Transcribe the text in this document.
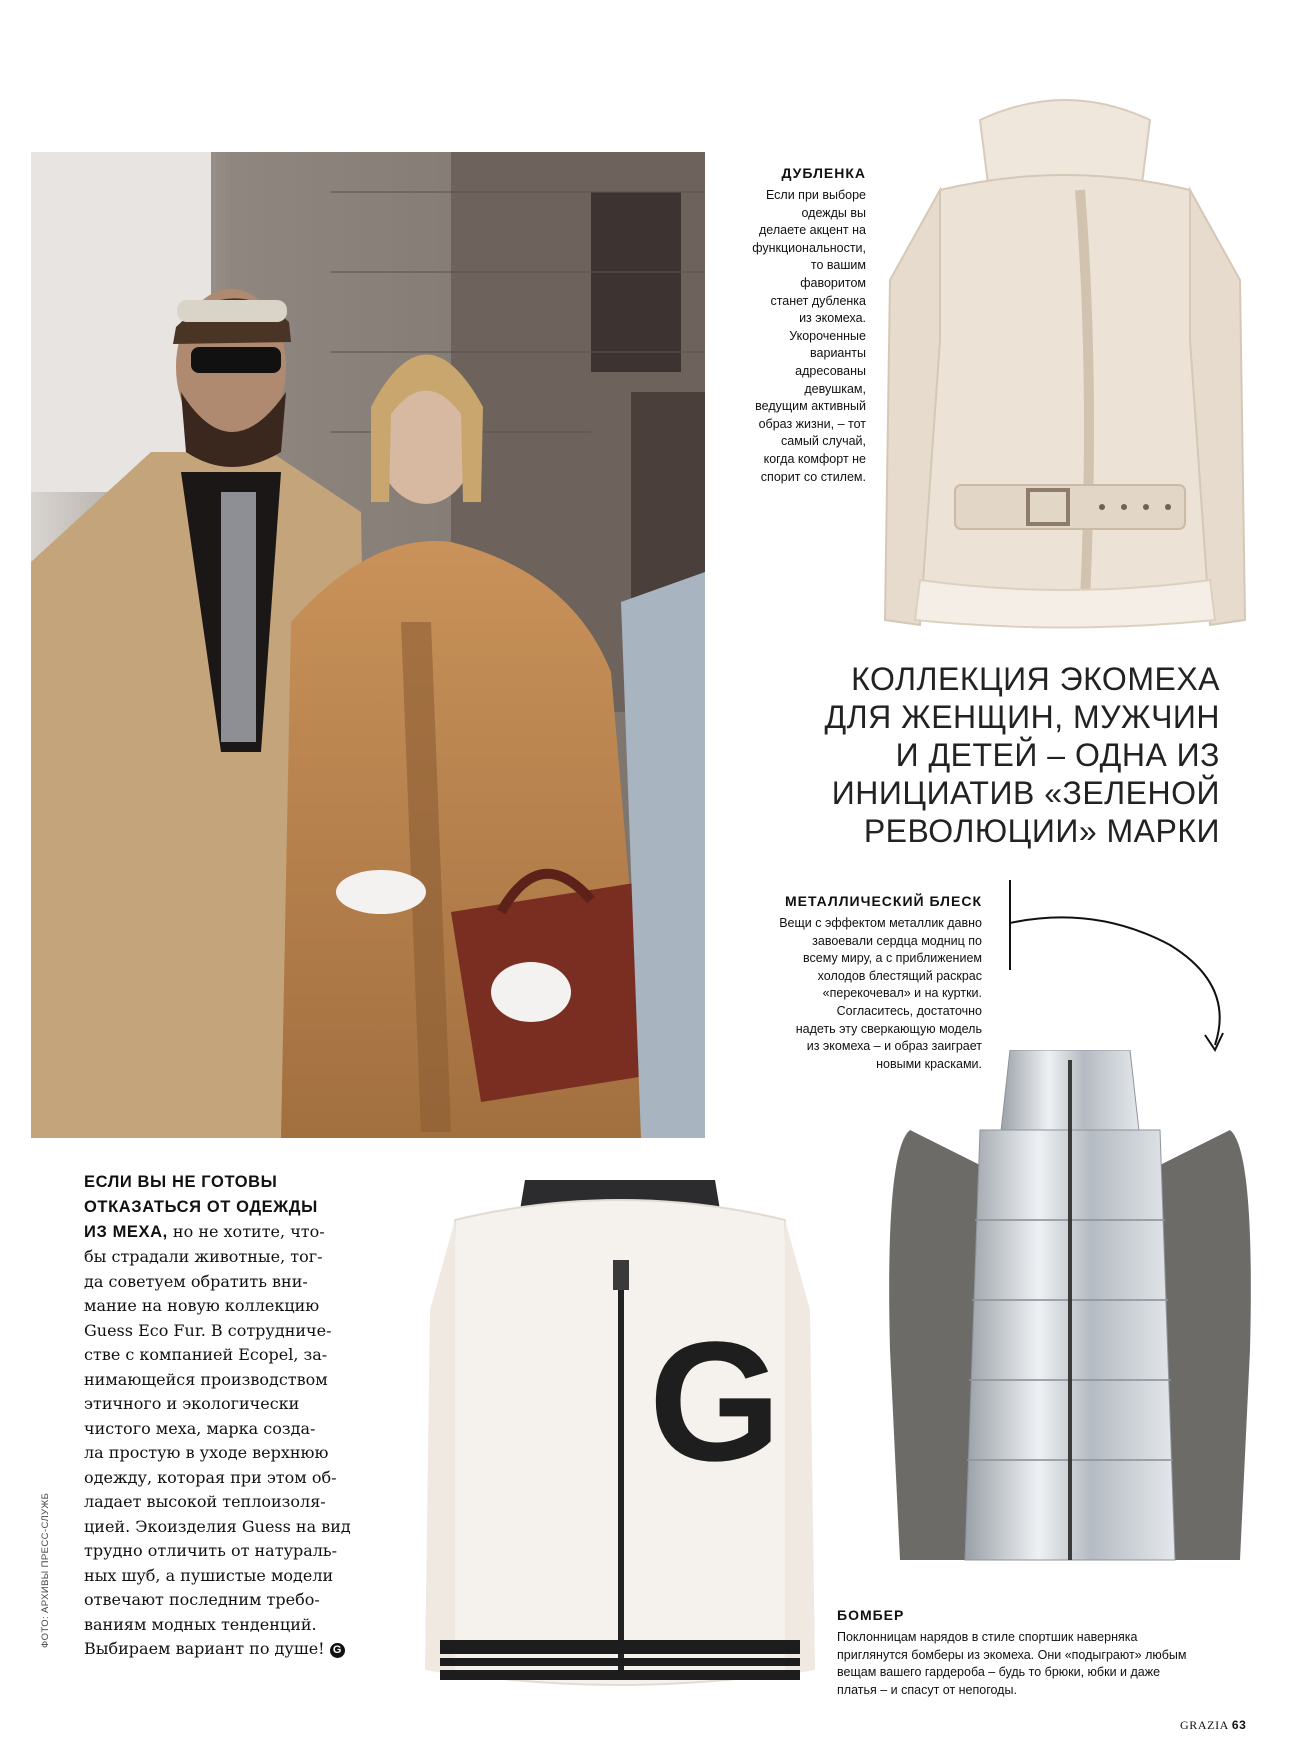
ДУБЛЕНКА
Если при выборе
одежды вы
делаете акцент на
функциональности,
то вашим
фаворитом
станет дубленка
из экомеха.
Укороченные
варианты
адресованы
девушкам,
ведущим активный
образ жизни, – тот
самый случай,
когда комфорт не
спорит со стилем.
КОЛЛЕКЦИЯ ЭКОМЕХА
ДЛЯ ЖЕНЩИН, МУЖЧИН
И ДЕТЕЙ – ОДНА ИЗ
ИНИЦИАТИВ «ЗЕЛЕНОЙ
РЕВОЛЮЦИИ» МАРКИ
МЕТАЛЛИЧЕСКИЙ БЛЕСК
Вещи с эффектом металлик давно
завоевали сердца модниц по
всему миру, а с приближением
холодов блестящий раскрас
«перекочевал» и на куртки.
Согласитесь, достаточно
надеть эту сверкающую модель
из экомеха – и образ заиграет
новыми красками.
ЕСЛИ ВЫ НЕ ГОТОВЫ
ОТКАЗАТЬСЯ ОТ ОДЕЖДЫ
ИЗ МЕХА, но не хотите, что-
бы страдали животные, тог-
да советуем обратить вни-
мание на новую коллекцию
Guess Eco Fur. В сотрудниче-
стве с компанией Ecopel, за-
нимающейся производством
этичного и экологически
чистого меха, марка созда-
ла простую в уходе верхнюю
одежду, которая при этом об-
ладает высокой теплоизоля-
цией. Экоизделия Guess на вид
трудно отличить от натураль-
ных шуб, а пушистые модели
отвечают последним требо-
ваниям модных тенденций.
Выбираем вариант по душе! G
ФОТО: АРХИВЫ ПРЕСС-СЛУЖБ
G
БОМБЕР
Поклонницам нарядов в стиле спортшик наверняка
приглянутся бомберы из экомеха. Они «подыграют» любым
вещам вашего гардероба – будь то брюки, юбки и даже
платья – и спасут от непогоды.
GRAZIA 63
